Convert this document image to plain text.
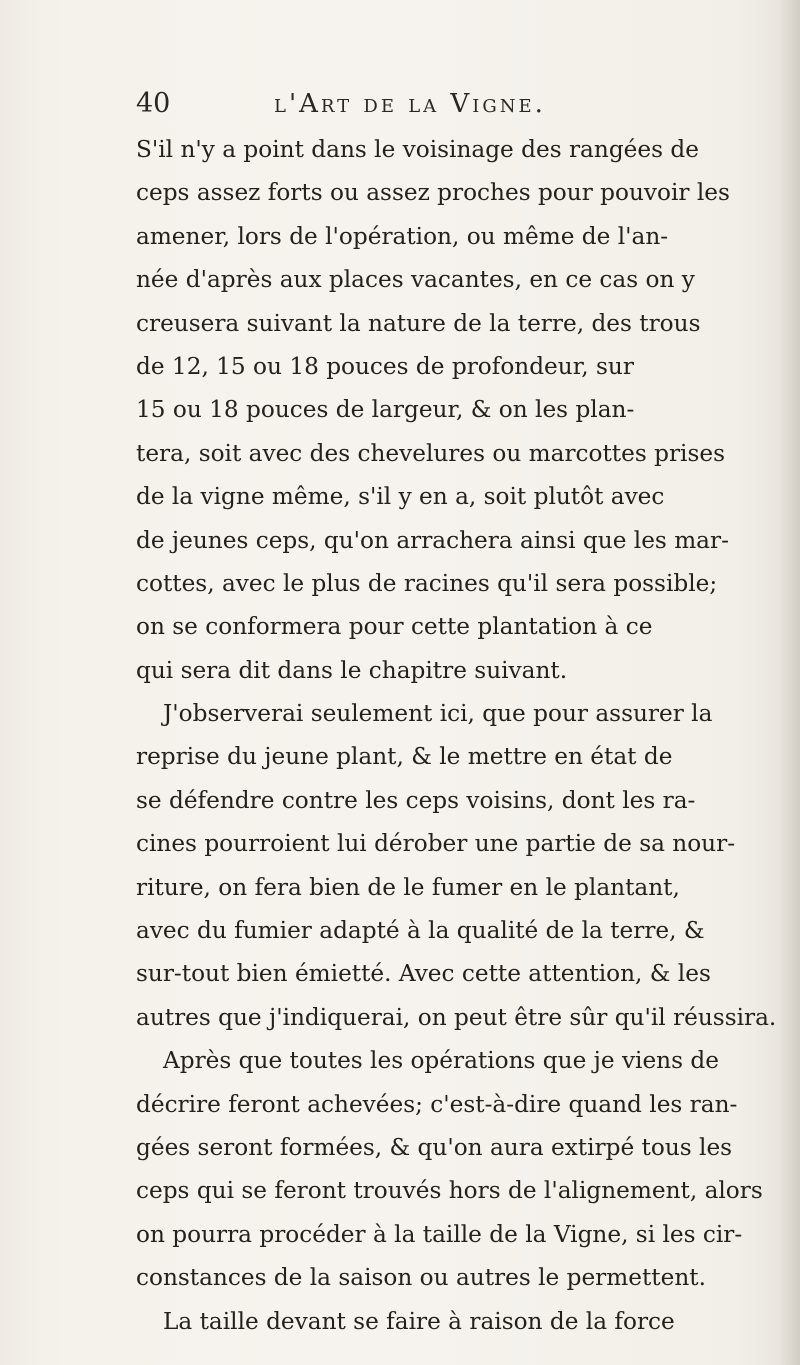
40	l'Art de la Vigne.
S'il n'y a point dans le voisinage des rangées de
ceps assez forts ou assez proches pour pouvoir les
amener, lors de l'opération, ou même de l'an-
née d'après aux places vacantes, en ce cas on y
creusera suivant la nature de la terre, des trous
de 12, 15 ou 18 pouces de profondeur, sur
15 ou 18 pouces de largeur, & on les plan-
tera, soit avec des chevelures ou marcottes prises
de la vigne même, s'il y en a, soit plutôt avec
de jeunes ceps, qu'on arrachera ainsi que les mar-
cottes, avec le plus de racines qu'il sera possible;
on se conformera pour cette plantation à ce
qui sera dit dans le chapitre suivant.
J'observerai seulement ici, que pour assurer la
reprise du jeune plant, & le mettre en état de
se défendre contre les ceps voisins, dont les ra-
cines pourroient lui dérober une partie de sa nour-
riture, on fera bien de le fumer en le plantant,
avec du fumier adapté à la qualité de la terre, &
sur-tout bien émietté. Avec cette attention, & les
autres que j'indiquerai, on peut être sûr qu'il réussira.
Après que toutes les opérations que je viens de
décrire feront achevées; c'est-à-dire quand les ran-
gées seront formées, & qu'on aura extirpé tous les
ceps qui se feront trouvés hors de l'alignement, alors
on pourra procéder à la taille de la Vigne, si les cir-
constances de la saison ou autres le permettent.
La taille devant se faire à raison de la force
